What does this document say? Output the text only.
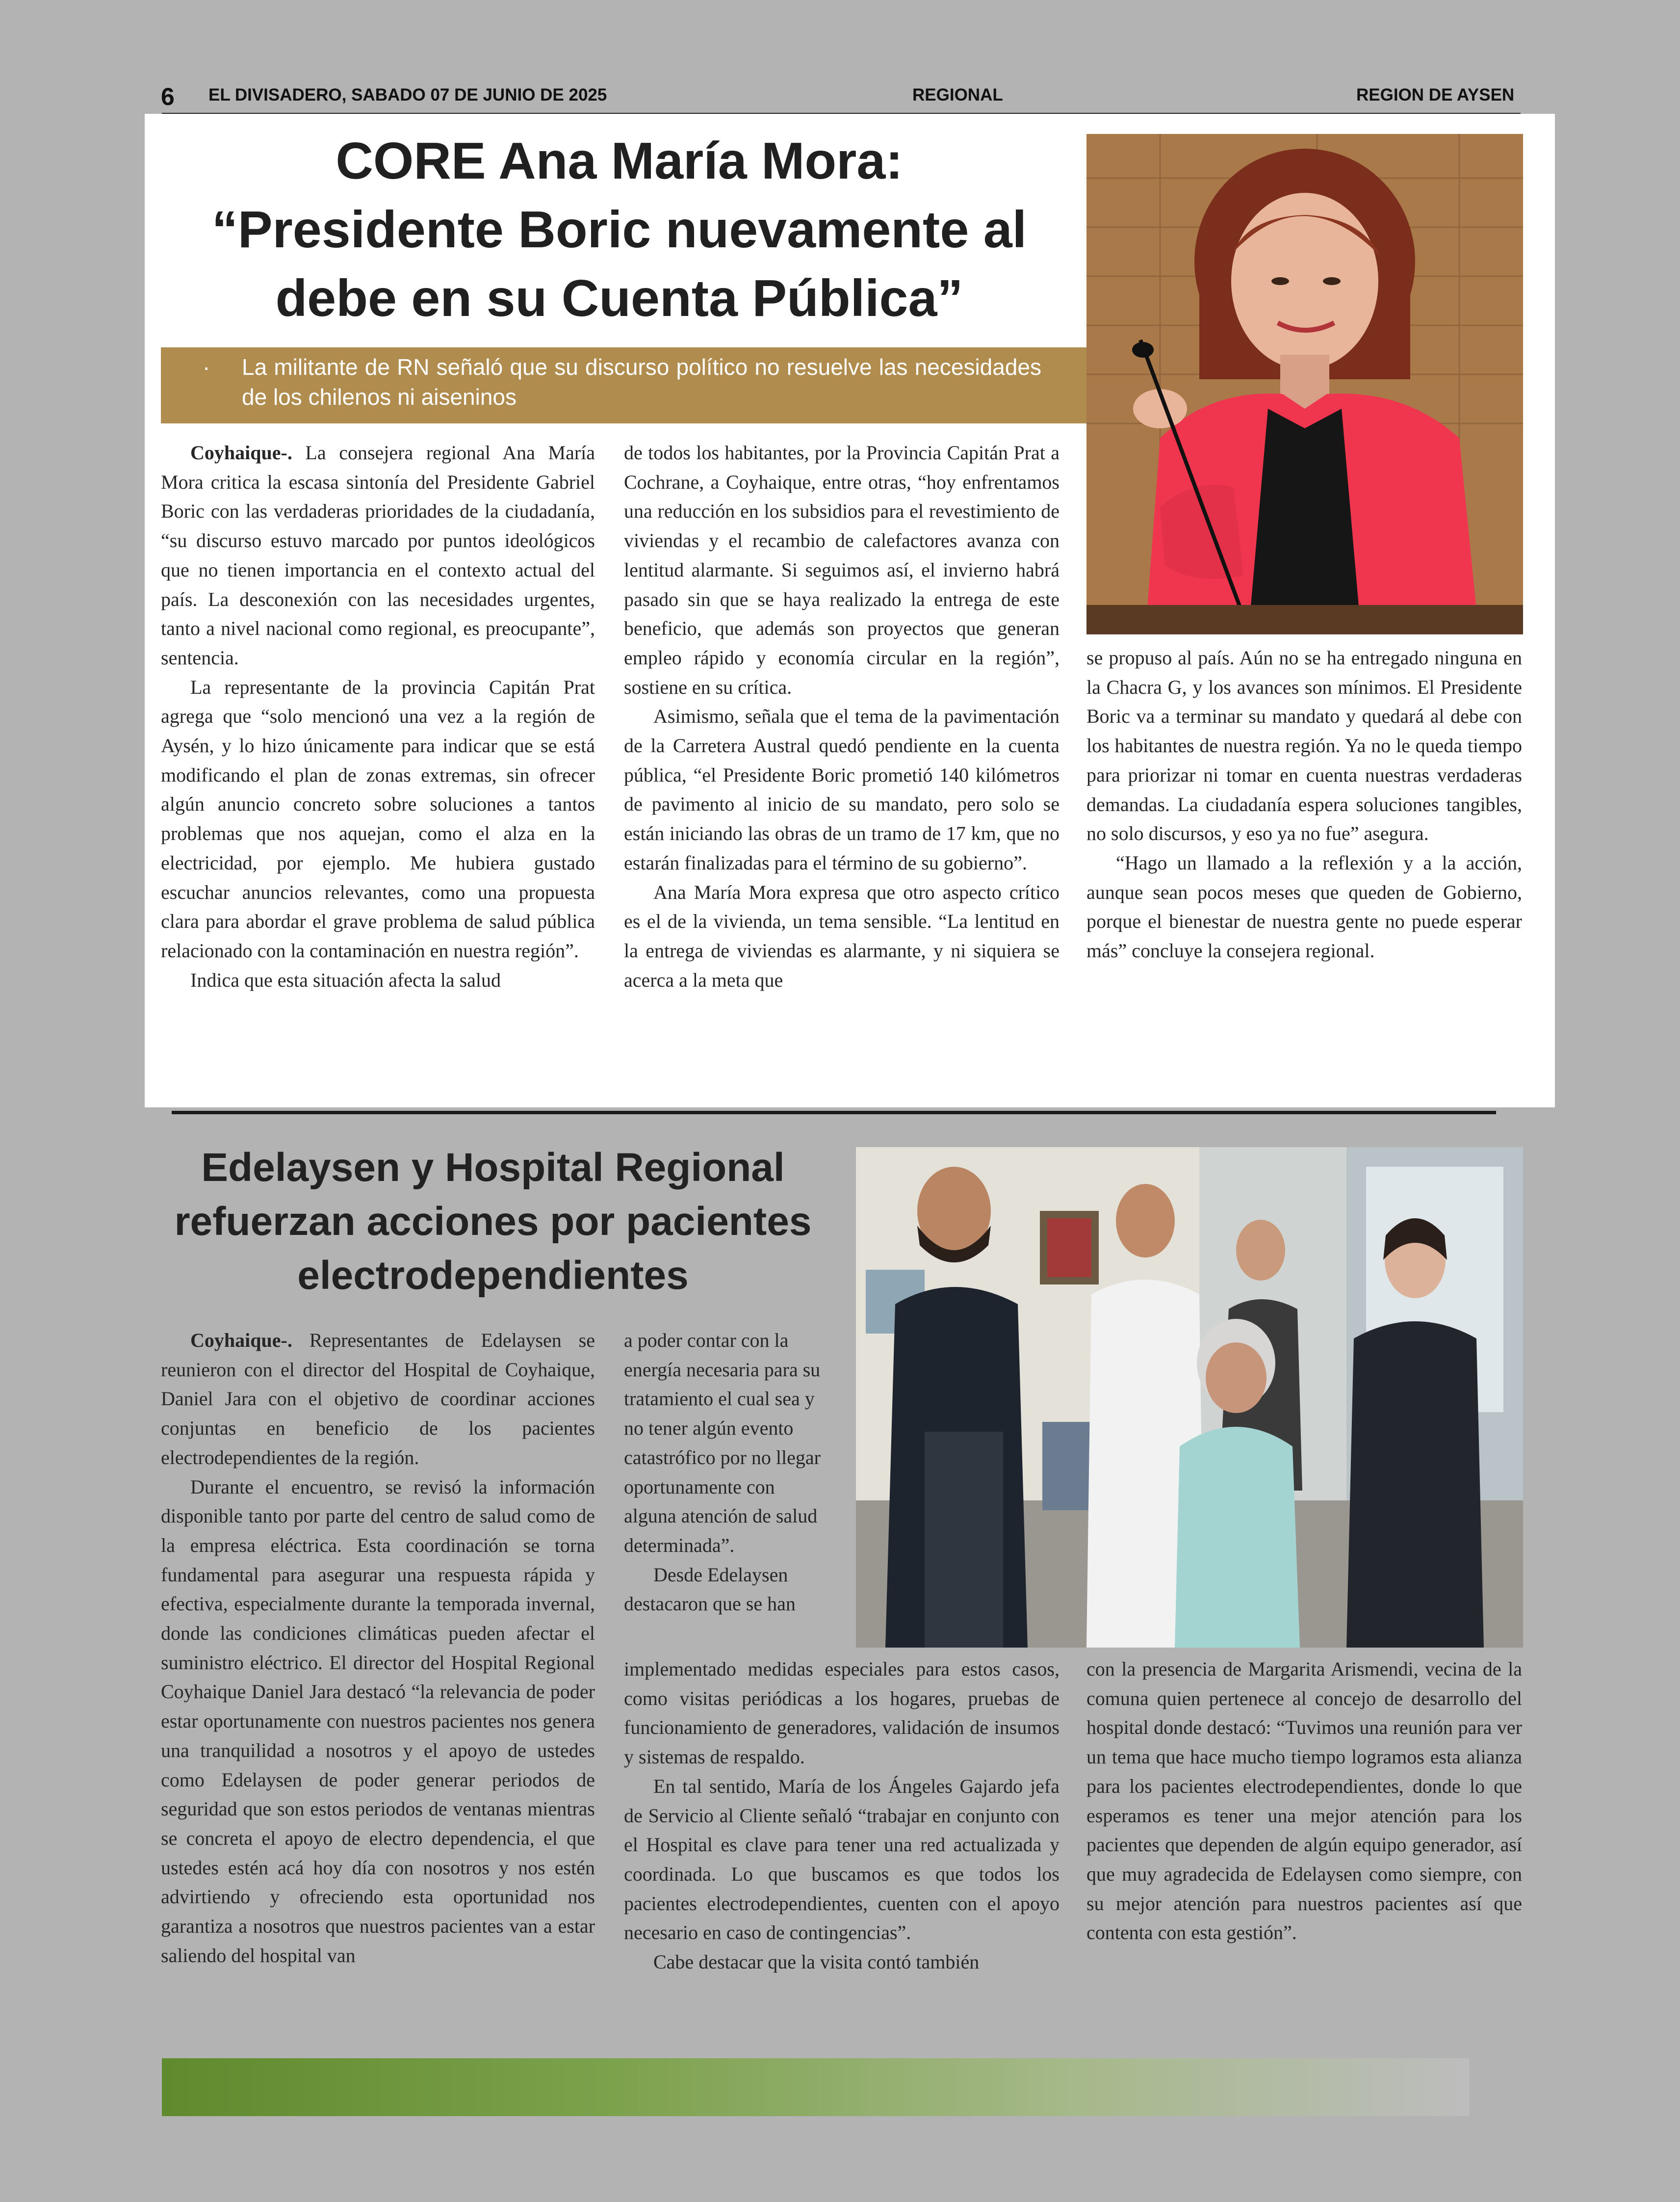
6 EL DIVISADERO, SABADO 07 DE JUNIO DE 2025	REGIONAL	REGION DE AYSEN
CORE Ana María Mora:
“Presidente Boric nuevamente al
debe en su Cuenta Pública”
· La militante de RN señaló que su discurso político no resuelve las necesidades de los chilenos ni aiseninos

Coyhaique-. La consejera regional Ana María Mora critica la escasa sintonía del Presidente Gabriel Boric con las verdaderas prioridades de la ciudadanía, “su discurso estuvo marcado por puntos ideológicos que no tienen importancia en el contexto actual del país. La desconexión con las necesidades urgentes, tanto a nivel nacional como regional, es preocupante”, sentencia.

La representante de la provincia Capitán Prat agrega que “solo mencionó una vez a la región de Aysén, y lo hizo únicamente para indicar que se está modificando el plan de zonas extremas, sin ofrecer algún anuncio concreto sobre soluciones a tantos problemas que nos aquejan, como el alza en la electricidad, por ejemplo. Me hubiera gustado escuchar anuncios relevantes, como una propuesta clara para abordar el grave problema de salud pública relacionado con la contaminación en nuestra región”.

Indica que esta situación afecta la salud

de todos los habitantes, por la Provincia Capitán Prat a Cochrane, a Coyhaique, entre otras, “hoy enfrentamos una reducción en los subsidios para el revestimiento de viviendas y el recambio de calefactores avanza con lentitud alarmante. Si seguimos así, el invierno habrá pasado sin que se haya realizado la entrega de este beneficio, que además son proyectos que generan empleo rápido y economía circular en la región”, sostiene en su crítica.

Asimismo, señala que el tema de la pavimentación de la Carretera Austral quedó pendiente en la cuenta pública, “el Presidente Boric prometió 140 kilómetros de pavimento al inicio de su mandato, pero solo se están iniciando las obras de un tramo de 17 km, que no estarán finalizadas para el término de su gobierno”.

Ana María Mora expresa que otro aspecto crítico es el de la vivienda, un tema sensible. “La lentitud en la entrega de viviendas es alarmante, y ni siquiera se acerca a la meta que

se propuso al país. Aún no se ha entregado ninguna en la Chacra G, y los avances son mínimos. El Presidente Boric va a terminar su mandato y quedará al debe con los habitantes de nuestra región. Ya no le queda tiempo para priorizar ni tomar en cuenta nuestras verdaderas demandas. La ciudadanía espera soluciones tangibles, no solo discursos, y eso ya no fue” asegura.

“Hago un llamado a la reflexión y a la acción, aunque sean pocos meses que queden de Gobierno, porque el bienestar de nuestra gente no puede esperar más” concluye la consejera regional.

Edelaysen y Hospital Regional
refuerzan acciones por pacientes
electrodependientes

Coyhaique-. Representantes de Edelaysen se reunieron con el director del Hospital de Coyhaique, Daniel Jara con el objetivo de coordinar acciones conjuntas en beneficio de los pacientes electrodependientes de la región.

Durante el encuentro, se revisó la información disponible tanto por parte del centro de salud como de la empresa eléctrica. Esta coordinación se torna fundamental para asegurar una respuesta rápida y efectiva, especialmente durante la temporada invernal, donde las condiciones climáticas pueden afectar el suministro eléctrico. El director del Hospital Regional Coyhaique Daniel Jara destacó “la relevancia de poder estar oportunamente con nuestros pacientes nos genera una tranquilidad a nosotros y el apoyo de ustedes como Edelaysen de poder generar periodos de seguridad que son estos periodos de ventanas mientras se concreta el apoyo de electro dependencia, el que ustedes estén acá hoy día con nosotros y nos estén advirtiendo y ofreciendo esta oportunidad nos garantiza a nosotros que nuestros pacientes van a estar saliendo del hospital van

a poder contar con la energía necesaria para su tratamiento el cual sea y no tener algún evento catastrófico por no llegar oportunamente con alguna atención de salud determinada”.

Desde Edelaysen destacaron que se han

implementado medidas especiales para estos casos, como visitas periódicas a los hogares, pruebas de funcionamiento de generadores, validación de insumos y sistemas de respaldo.

En tal sentido, María de los Ángeles Gajardo jefa de Servicio al Cliente señaló “trabajar en conjunto con el Hospital es clave para tener una red actualizada y coordinada. Lo que buscamos es que todos los pacientes electrodependientes, cuenten con el apoyo necesario en caso de contingencias”.

Cabe destacar que la visita contó también

con la presencia de Margarita Arismendi, vecina de la comuna quien pertenece al concejo de desarrollo del hospital donde destacó: “Tuvimos una reunión para ver un tema que hace mucho tiempo logramos esta alianza para los pacientes electrodependientes, donde lo que esperamos es tener una mejor atención para los pacientes que dependen de algún equipo generador, así que muy agradecida de Edelaysen como siempre, con su mejor atención para nuestros pacientes así que contenta con esta gestión”.
